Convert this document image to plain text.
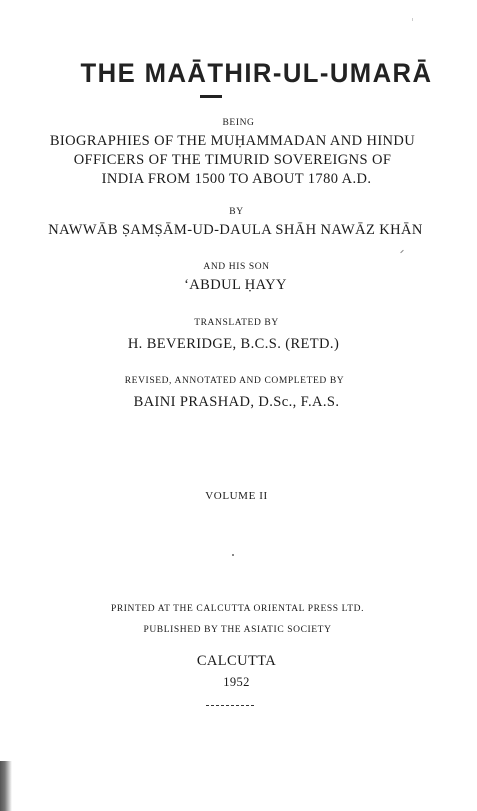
THE MAĀTHIR-UL-UMARĀ
BEING
BIOGRAPHIES OF THE MUḤAMMADAN AND HINDU
OFFICERS OF THE TIMURID SOVEREIGNS OF
INDIA FROM 1500 TO ABOUT 1780 A.D.
BY
NAWWĀB ṢAMṢĀM-UD-DAULA SHĀH NAWĀZ KHĀN
AND HIS SON
‘ABDUL ḤAYY
TRANSLATED BY
H. BEVERIDGE, B.C.S. (RETD.)
REVISED, ANNOTATED AND COMPLETED BY
BAINI PRASHAD, D.Sc., F.A.S.
VOLUME II
PRINTED AT THE CALCUTTA ORIENTAL PRESS LTD.
PUBLISHED BY THE ASIATIC SOCIETY
CALCUTTA
1952
